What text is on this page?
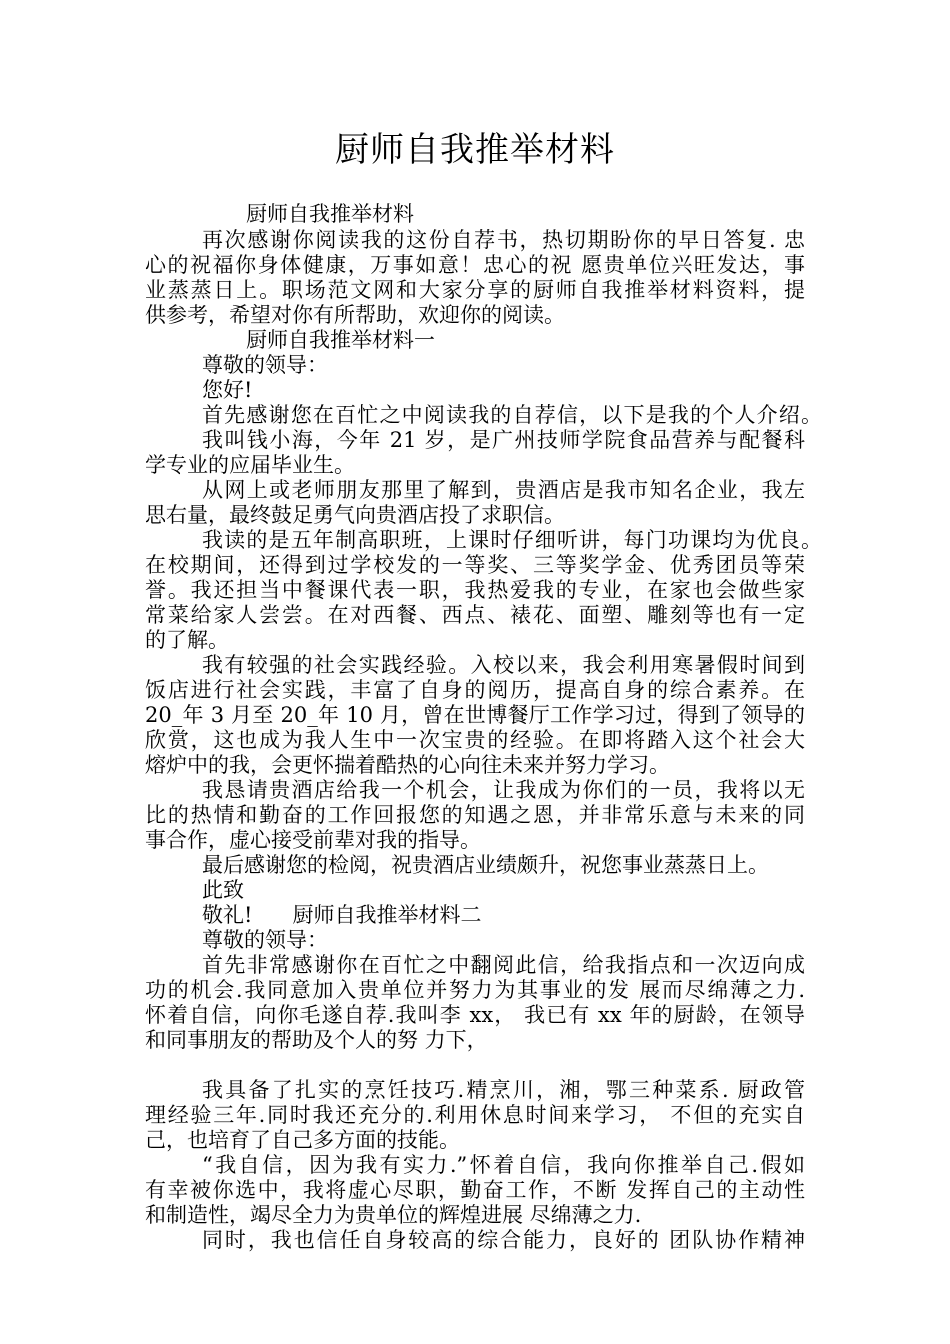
厨师自我推举材料
厨师自我推举材料
再次感谢你阅读我的这份自荐书，热切期盼你的早日答复. 忠
心的祝福你身体健康，万事如意！忠心的祝 愿贵单位兴旺发达，事
业蒸蒸日上。职场范文网和大家分享的厨师自我推举材料资料，提
供参考，希望对你有所帮助，欢迎你的阅读。
厨师自我推举材料一
尊敬的领导：
您好!
首先感谢您在百忙之中阅读我的自荐信，以下是我的个人介绍。
我叫钱小海，今年 21 岁，是广州技师学院食品营养与配餐科
学专业的应届毕业生。
从网上或老师朋友那里了解到，贵酒店是我市知名企业，我左
思右量，最终鼓足勇气向贵酒店投了求职信。
我读的是五年制高职班，上课时仔细听讲，每门功课均为优良。
在校期间，还得到过学校发的一等奖、三等奖学金、优秀团员等荣
誉。我还担当中餐课代表一职，我热爱我的专业，在家也会做些家
常菜给家人尝尝。在对西餐、西点、裱花、面塑、雕刻等也有一定
的了解。
我有较强的社会实践经验。入校以来，我会利用寒暑假时间到
饭店进行社会实践，丰富了自身的阅历，提高自身的综合素养。在
20_年 3 月至 20_年 10 月，曾在世博餐厅工作学习过，得到了领导的
欣赏，这也成为我人生中一次宝贵的经验。在即将踏入这个社会大
熔炉中的我，会更怀揣着酷热的心向往未来并努力学习。
我恳请贵酒店给我一个机会，让我成为你们的一员，我将以无
比的热情和勤奋的工作回报您的知遇之恩，并非常乐意与未来的同
事合作，虚心接受前辈对我的指导。
最后感谢您的检阅，祝贵酒店业绩颇升，祝您事业蒸蒸日上。
此致
敬礼!      厨师自我推举材料二
尊敬的领导：
首先非常感谢你在百忙之中翻阅此信，给我指点和一次迈向成
功的机会.我同意加入贵单位并努力为其事业的发 展而尽绵薄之力.
怀着自信，向你毛遂自荐.我叫李 xx， 我已有 xx 年的厨龄，在领导
和同事朋友的帮助及个人的努 力下，
我具备了扎实的烹饪技巧.精烹川，湘，鄂三种菜系. 厨政管
理经验三年.同时我还充分的.利用休息时间来学习， 不但的充实自
己，也培育了自己多方面的技能。
“我自信，因为我有实力.”怀着自信，我向你推举自己.假如
有幸被你选中，我将虚心尽职，勤奋工作，不断 发挥自己的主动性
和制造性，竭尽全力为贵单位的辉煌进展 尽绵薄之力.
同时，我也信任自身较高的综合能力，良好的 团队协作精神
